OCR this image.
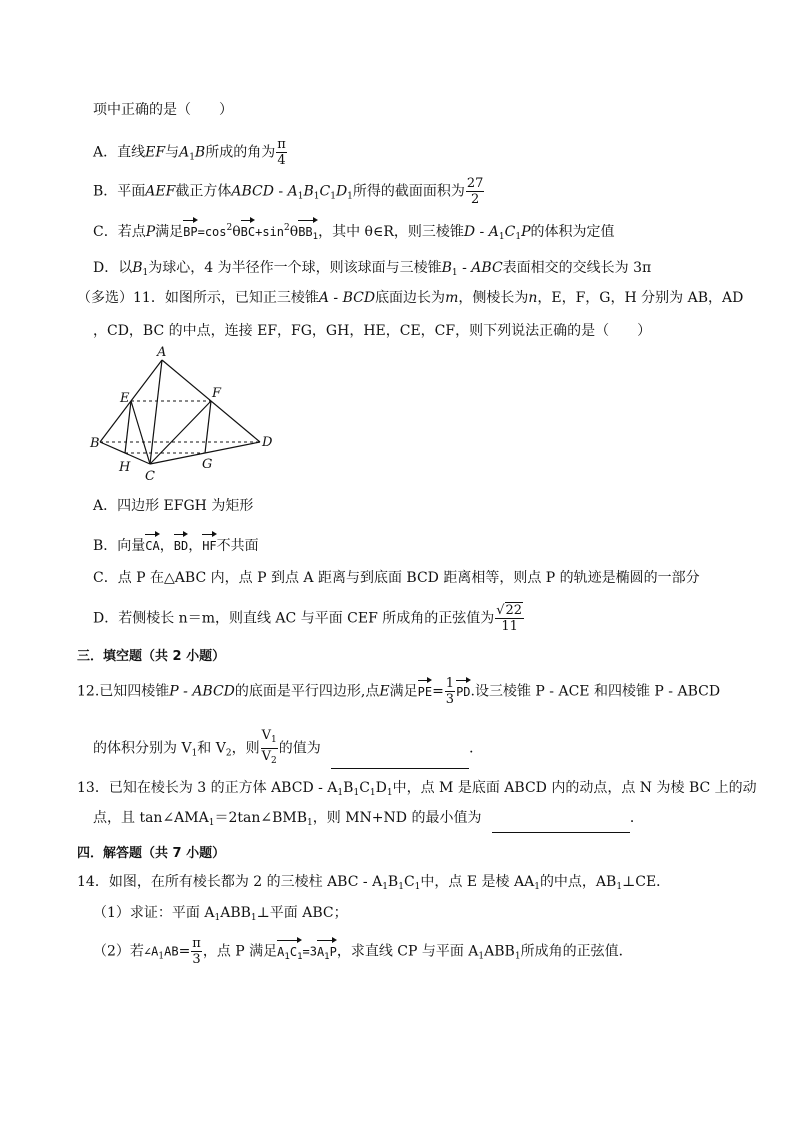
项中正确的是（　　）
A．直线EF与$A_1B$所成的角为 $\frac{\pi}{4}$
B．平面AEF截正方体ABCD - $A_1B_1C_1D_1$所得的截面面积为 $\frac{27}{2}$
C．若点P满足$BP=\cos^2\theta BC+\sin^2\theta BB_1$，其中 θ∈R，则三棱锥D - $A_1C_1P$的体积为定值
D．以$B_1$为球心，4 为半径作一个球，则该球面与三棱锥$B_1$ - ABC表面相交的交线长为 3π
（多选）11．如图所示，已知正三棱锥A - BCD底面边长为m，侧棱长为n，E，F，G，H 分别为 AB，AD
，CD，BC 的中点，连接 EF，FG，GH，HE，CE，CF，则下列说法正确的是（　　）
A
B
C
D
E	F
G
H
A．四边形 EFGH 为矩形
B．向量CA，BD，HF不共面
C．点 P 在△ABC 内，点 P 到点 A 距离与到底面 BCD 距离相等，则点 P 的轨迹是椭圆的一部分
D．若侧棱长 n＝m，则直线 AC 与平面 CEF 所成角的正弦值为 $\frac{√22}{11}$
三．填空题（共 2 小题）
12.已知四棱锥P - ABCD的底面是平行四边形,点E满足$PE= \frac{1}{3}$ PD.设三棱锥 P - ACE 和四棱锥 P - ABCD
的体积分别为 $V_1$和 $V_2$，则 $\frac{V_1}{V_2}$ 的值为	．
13．已知在棱长为 3 的正方体 ABCD - $A_1B_1C_1D_1$中，点 M 是底面 ABCD 内的动点，点 N 为棱 BC 上的动
点，且 $\tan\angle AMA_1=2\tan\angle BMB_1$，则 MN+ND 的最小值为	．
四．解答题（共 7 小题）
14．如图，在所有棱长都为 2 的三棱柱 ABC - $A_1B_1C_1$中，点 E 是棱 $AA_1$的中点，$AB_1\perp CE$．
（1）求证：平面 $A_1ABB_1\perp$平面 ABC；
（2）若$\angle A_1AB= \frac{\pi}{3}$ ，点 P 满足$A_1C_1=3A_1P$，求直线 CP 与平面 $A_1ABB_1$所成角的正弦值．
